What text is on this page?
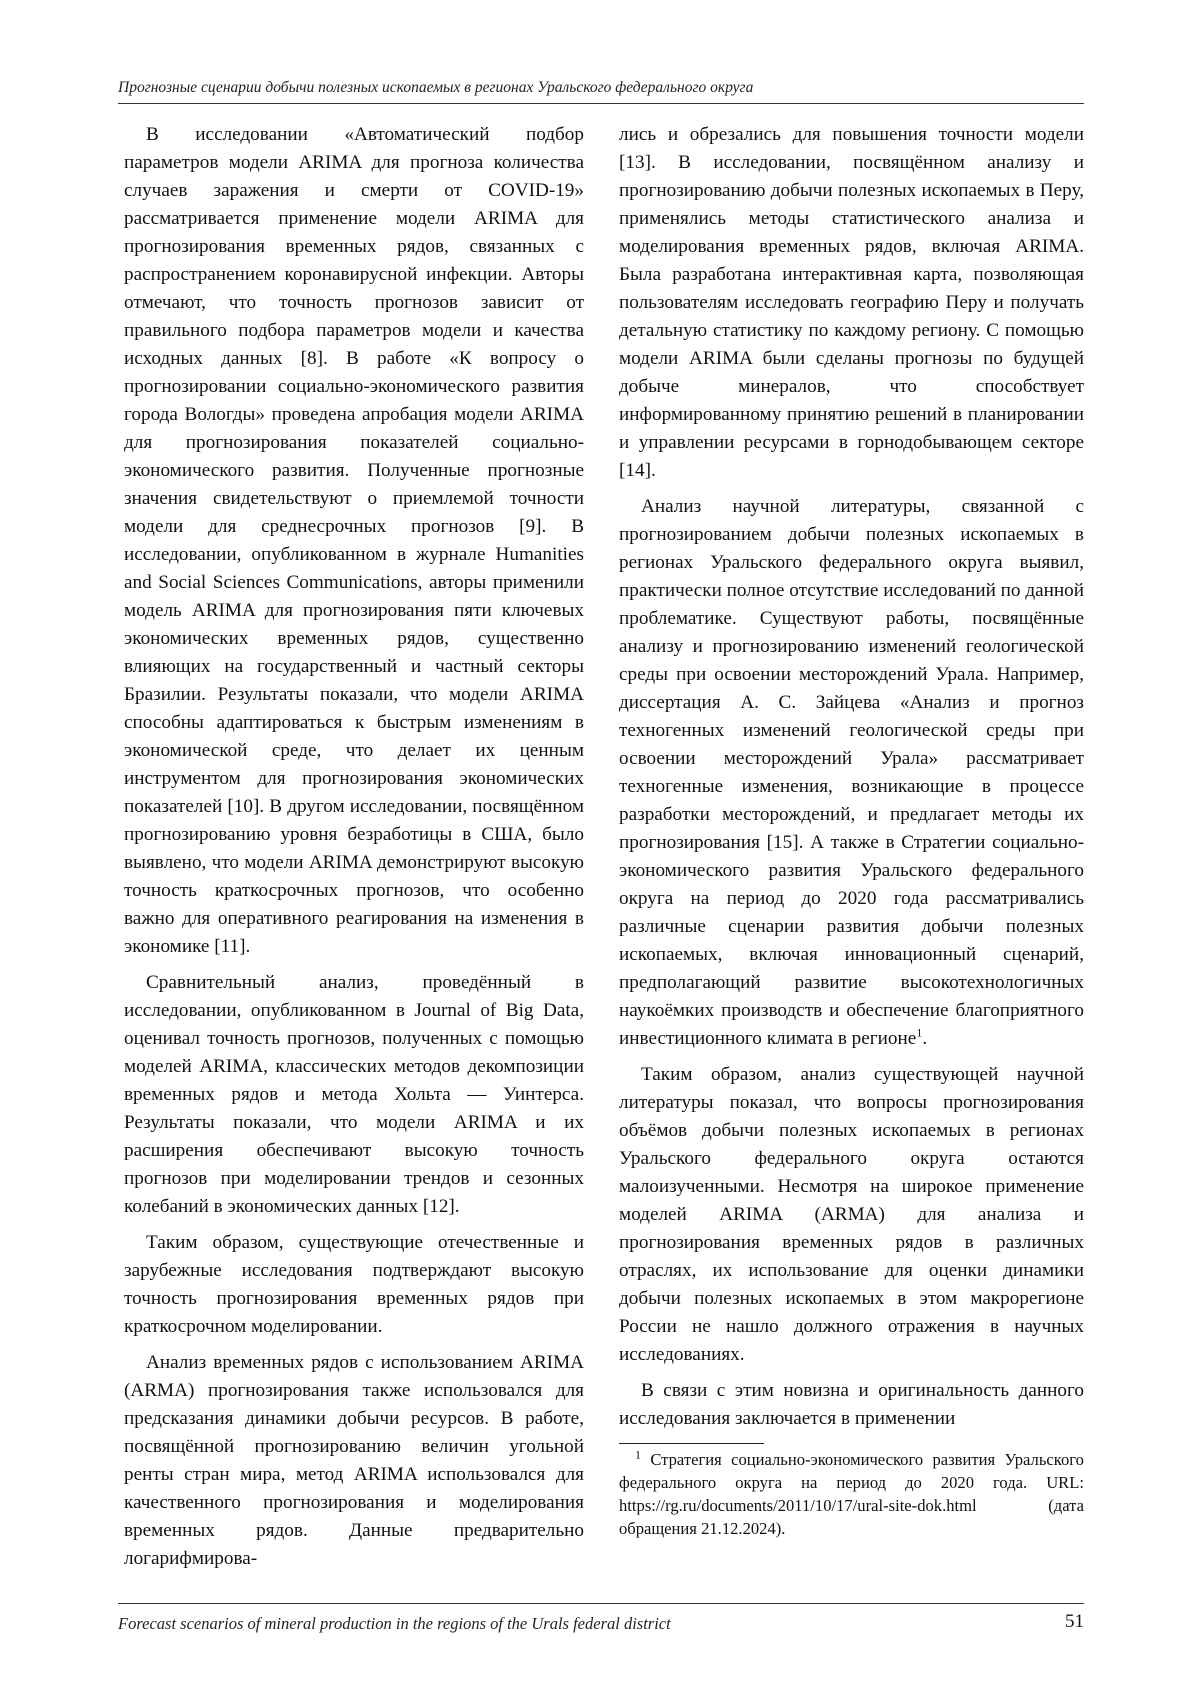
Прогнозные сценарии добычи полезных ископаемых в регионах Уральского федерального округа

В исследовании «Автоматический подбор параметров модели ARIMA для прогноза количества случаев заражения и смерти от COVID-19» рассматривается применение модели ARIMA для прогнозирования временных рядов, связанных с распространением коронавирусной инфекции. Авторы отмечают, что точность прогнозов зависит от правильного подбора параметров модели и качества исходных данных [8]. В работе «К вопросу о прогнозировании социально-экономического развития города Вологды» проведена апробация модели ARIMA для прогнозирования показателей социально-экономического развития. Полученные прогнозные значения свидетельствуют о приемлемой точности модели для среднесрочных прогнозов [9]. В исследовании, опубликованном в журнале Humanities and Social Sciences Communications, авторы применили модель ARIMA для прогнозирования пяти ключевых экономических временных рядов, существенно влияющих на государственный и частный секторы Бразилии. Результаты показали, что модели ARIMA способны адаптироваться к быстрым изменениям в экономической среде, что делает их ценным инструментом для прогнозирования экономических показателей [10]. В другом исследовании, посвящённом прогнозированию уровня безработицы в США, было выявлено, что модели ARIMA демонстрируют высокую точность краткосрочных прогнозов, что особенно важно для оперативного реагирования на изменения в экономике [11].

Сравнительный анализ, проведённый в исследовании, опубликованном в Journal of Big Data, оценивал точность прогнозов, полученных с помощью моделей ARIMA, классических методов декомпозиции временных рядов и метода Хольта — Уинтерса. Результаты показали, что модели ARIMA и их расширения обеспечивают высокую точность прогнозов при моделировании трендов и сезонных колебаний в экономических данных [12].

Таким образом, существующие отечественные и зарубежные исследования подтверждают высокую точность прогнозирования временных рядов при краткосрочном моделировании.

Анализ временных рядов с использованием ARIMA (ARMA) прогнозирования также использовался для предсказания динамики добычи ресурсов. В работе, посвящённой прогнозированию величин угольной ренты стран мира, метод ARIMA использовался для качественного прогнозирования и моделирования временных рядов. Данные предварительно логарифмирова-

лись и обрезались для повышения точности модели [13]. В исследовании, посвящённом анализу и прогнозированию добычи полезных ископаемых в Перу, применялись методы статистического анализа и моделирования временных рядов, включая ARIMA. Была разработана интерактивная карта, позволяющая пользователям исследовать географию Перу и получать детальную статистику по каждому региону. С помощью модели ARIMA были сделаны прогнозы по будущей добыче минералов, что способствует информированному принятию решений в планировании и управлении ресурсами в горнодобывающем секторе [14].

Анализ научной литературы, связанной с прогнозированием добычи полезных ископаемых в регионах Уральского федерального округа выявил, практически полное отсутствие исследований по данной проблематике. Существуют работы, посвящённые анализу и прогнозированию изменений геологической среды при освоении месторождений Урала. Например, диссертация А. С. Зайцева «Анализ и прогноз техногенных изменений геологической среды при освоении месторождений Урала» рассматривает техногенные изменения, возникающие в процессе разработки месторождений, и предлагает методы их прогнозирования [15]. А также в Стратегии социально-экономического развития Уральского федерального округа на период до 2020 года рассматривались различные сценарии развития добычи полезных ископаемых, включая инновационный сценарий, предполагающий развитие высокотехнологичных наукоёмких производств и обеспечение благоприятного инвестиционного климата в регионе$^1$.

Таким образом, анализ существующей научной литературы показал, что вопросы прогнозирования объёмов добычи полезных ископаемых в регионах Уральского федерального округа остаются малоизученными. Несмотря на широкое применение моделей ARIMA (ARMA) для анализа и прогнозирования временных рядов в различных отраслях, их использование для оценки динамики добычи полезных ископаемых в этом макрорегионе России не нашло должного отражения в научных исследованиях.

В связи с этим новизна и оригинальность данного исследования заключается в применении

$^1$ Стратегия социально-экономического развития Уральского федерального округа на период до 2020 года. URL: https://rg.ru/documents/2011/10/17/ural-site-dok.html (дата обращения 21.12.2024).
Forecast scenarios of mineral production in the regions of the Urals federal district	51
